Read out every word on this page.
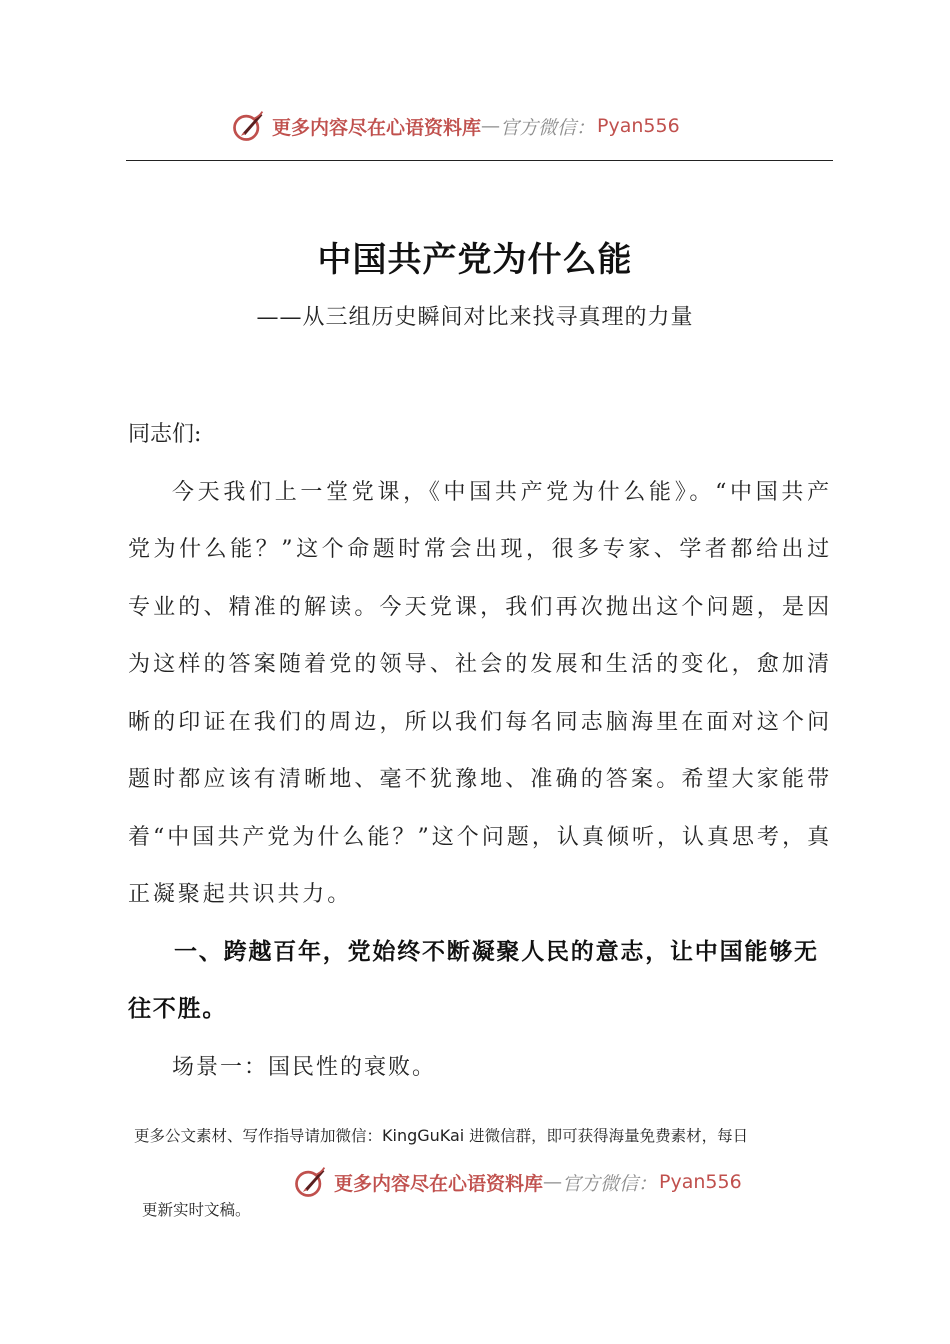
更多内容尽在心语资料库 — 官方微信： Pyan556
中国共产党为什么能
——从三组历史瞬间对比来找寻真理的力量

同志们:

今天我们上一堂党课，《中国共产党为什么能》。“中国共产党为什么能？”这个命题时常会出现，很多专家、学者都给出过专业的、精准的解读。今天党课，我们再次抛出这个问题，是因为这样的答案随着党的领导、社会的发展和生活的变化，愈加清晰的印证在我们的周边，所以我们每名同志脑海里在面对这个问题时都应该有清晰地、毫不犹豫地、准确的答案。希望大家能带着“中国共产党为什么能？”这个问题，认真倾听，认真思考，真正凝聚起共识共力。

一、跨越百年，党始终不断凝聚人民的意志，让中国能够无往不胜。

场景一：国民性的衰败。

更多公文素材、写作指导请加微信：KingGuKai 进微信群，即可获得海量免费素材，每日
更多内容尽在心语资料库 — 官方微信： Pyan556
更新实时文稿。
